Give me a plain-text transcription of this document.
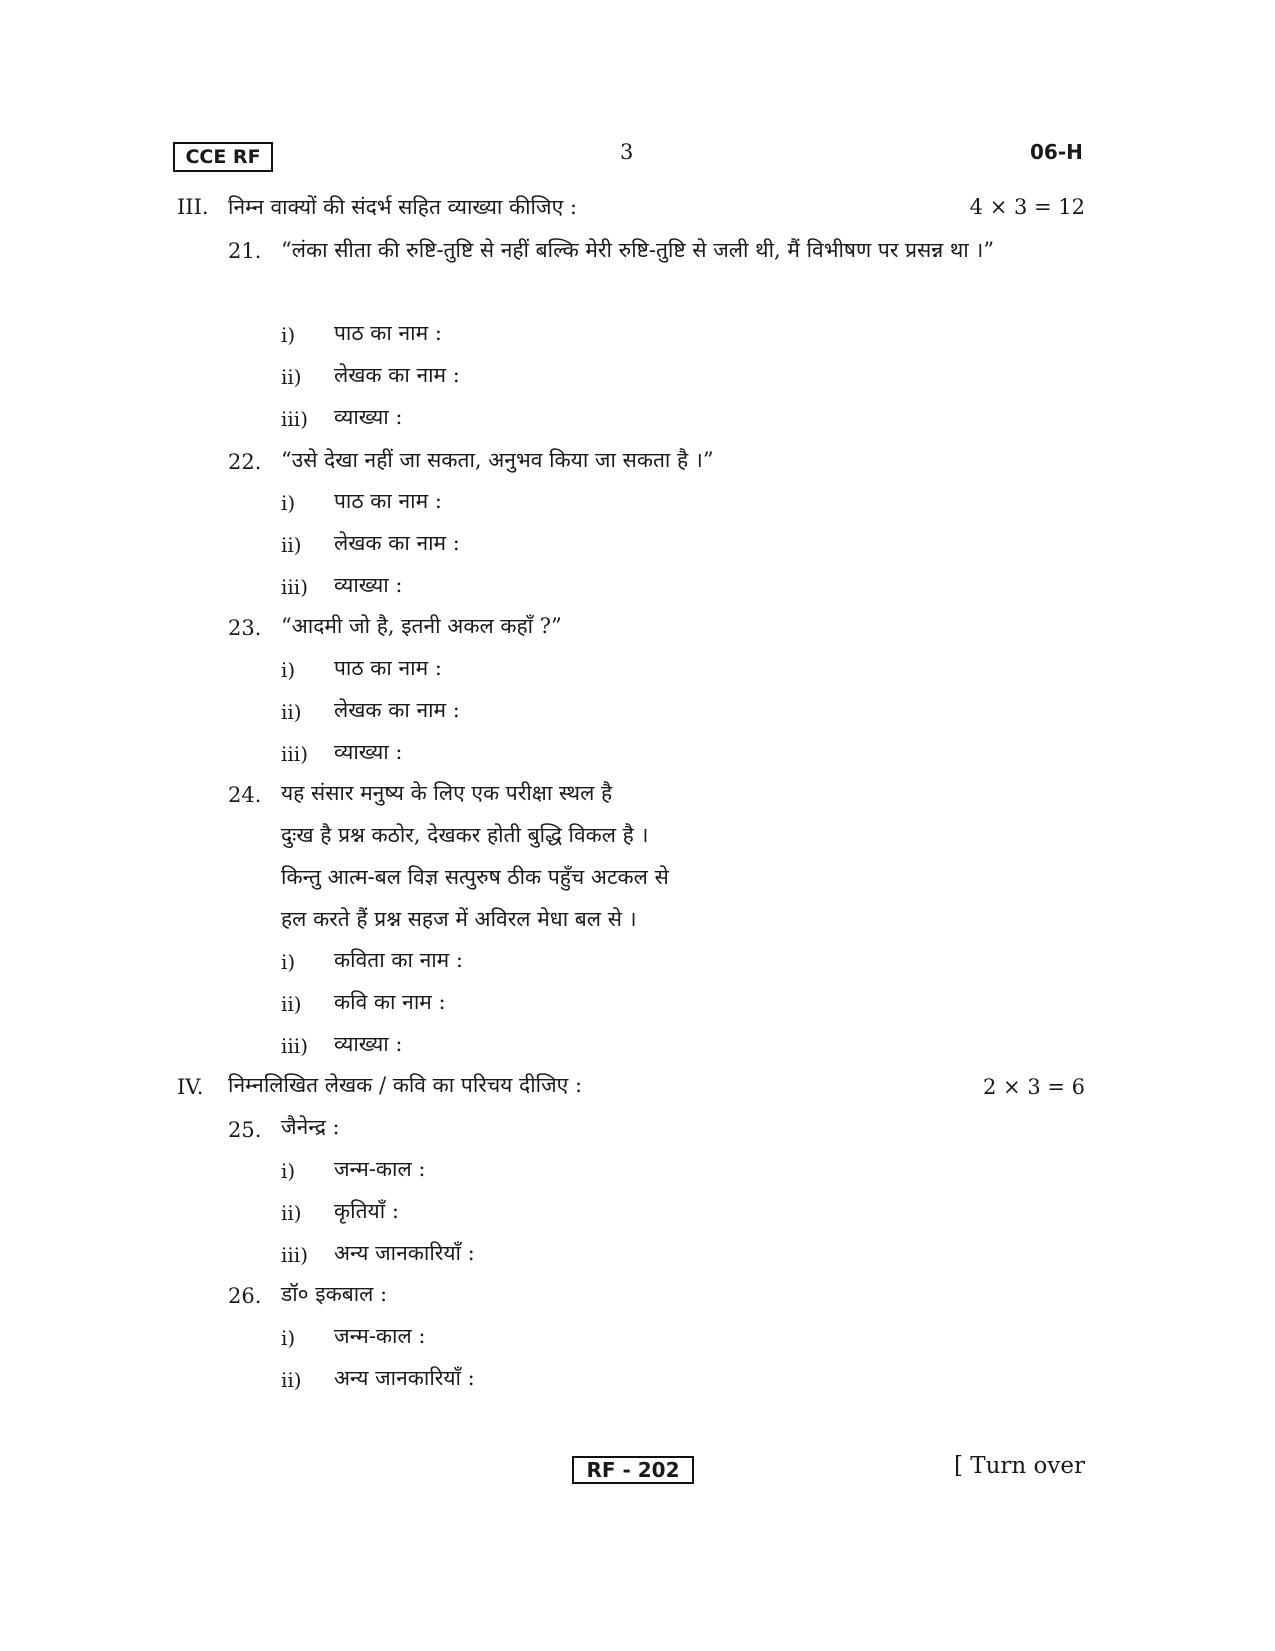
CCE RF	3	06-H
III. निम्न वाक्यों की संदर्भ सहित व्याख्या कीजिए :	4 × 3 = 12
21. “लंका सीता की रुष्टि-तुष्टि से नहीं बल्कि मेरी रुष्टि-तुष्टि से जली थी, मैं विभीषण पर प्रसन्न था ।”
i) पाठ का नाम :
ii) लेखक का नाम :
iii) व्याख्या :
22. “उसे देखा नहीं जा सकता, अनुभव किया जा सकता है ।”
i) पाठ का नाम :
ii) लेखक का नाम :
iii) व्याख्या :
23. “आदमी जो है, इतनी अकल कहाँ ?”
i) पाठ का नाम :
ii) लेखक का नाम :
iii) व्याख्या :
24. यह संसार मनुष्य के लिए एक परीक्षा स्थल है
दुःख है प्रश्न कठोर, देखकर होती बुद्धि विकल है ।
किन्तु आत्म-बल विज्ञ सत्पुरुष ठीक पहुँच अटकल से
हल करते हैं प्रश्न सहज में अविरल मेधा बल से ।
i) कविता का नाम :
ii) कवि का नाम :
iii) व्याख्या :
IV. निम्नलिखित लेखक / कवि का परिचय दीजिए :	2 × 3 = 6
25. जैनेन्द्र :
i) जन्म-काल :
ii) कृतियाँ :
iii) अन्य जानकारियाँ :
26. डॉ० इकबाल :
i) जन्म-काल :
ii) अन्य जानकारियाँ :
RF - 202	[ Turn over
